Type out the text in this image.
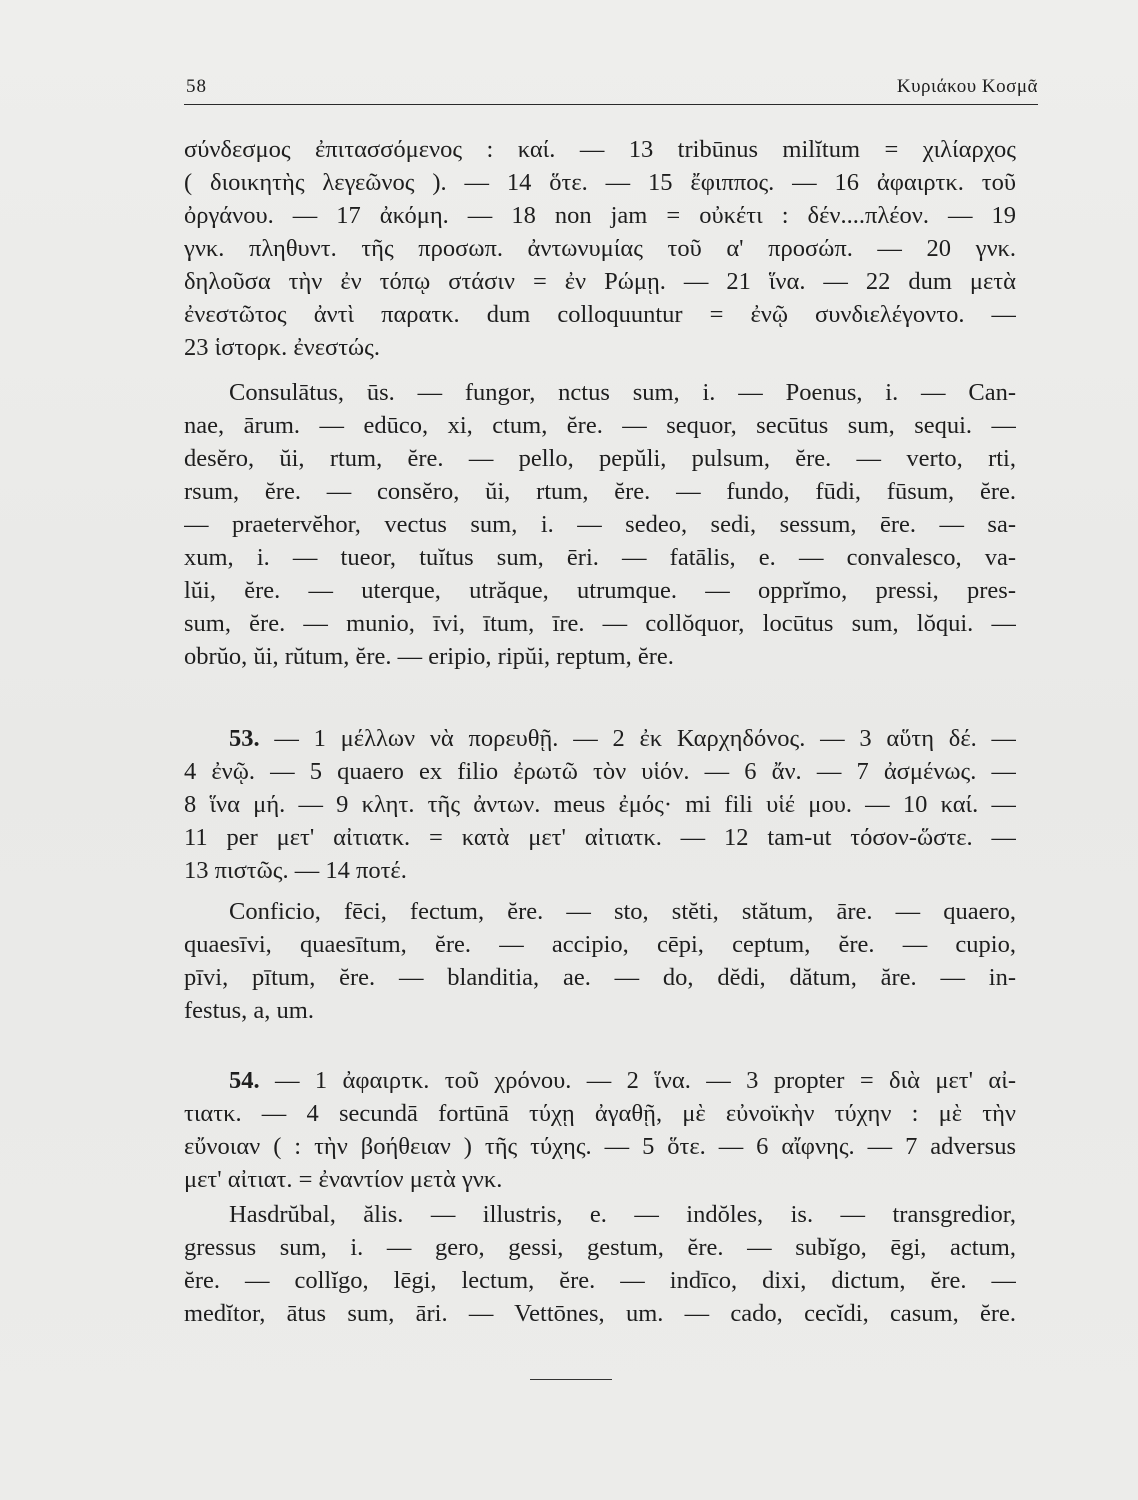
58	Κυριάκου Κοσμᾶ
σύνδεσμος ἐπιτασσόμενος : καί. — 13 tribūnus milĭtum = χιλίαρχος
( διοικητὴς λεγεῶνος ). — 14 ὅτε. — 15 ἔφιππος. — 16 ἀφαιρτκ. τοῦ
ὀργάνου. — 17 ἀκόμη. — 18 non jam = οὐκέτι : δέν....πλέον. — 19
γνκ. πληθυντ. τῆς προσωπ. ἀντωνυμίας τοῦ α' προσώπ. — 20 γνκ.
δηλοῦσα τὴν ἐν τόπῳ στάσιν = ἐν Ρώμῃ. — 21 ἵνα. — 22 dum μετὰ
ἐνεστῶτος ἀντὶ παρατκ. dum colloquuntur = ἐνῷ συνδιελέγοντο. —
23 ἱστορκ. ἐνεστώς.
Consulātus, ūs. — fungor, nctus sum, i. — Poenus, i. — Can-
nae, ārum. — edūco, xi, ctum, ĕre. — sequor, secūtus sum, sequi. —
desĕro, ŭi, rtum, ĕre. — pello, pepŭli, pulsum, ĕre. — verto, rti,
rsum, ĕre. — consĕro, ŭi, rtum, ĕre. — fundo, fūdi, fūsum, ĕre.
— praetervĕhor, vectus sum, i. — sedeo, sedi, sessum, ēre. — sa-
xum, i. — tueor, tuĭtus sum, ēri. — fatālis, e. — convalesco, va-
lŭi, ĕre. — uterque, utrăque, utrumque. — opprĭmo, pressi, pres-
sum, ĕre. — munio, īvi, ītum, īre. — collŏquor, locūtus sum, lŏqui. —
obrŭo, ŭi, rŭtum, ĕre. — eripio, ripŭi, reptum, ĕre.
53. — 1 μέλλων νὰ πορευθῇ. — 2 ἐκ Καρχηδόνος. — 3 αὕτη δέ. —
4 ἐνῷ. — 5 quaero ex filio ἐρωτῶ τὸν υἱόν. — 6 ἄν. — 7 ἀσμένως. —
8 ἵνα μή. — 9 κλητ. τῆς ἀντων. meus ἐμός· mi fili υἱέ μου. — 10 καί. —
11 per μετ' αἰτιατκ. = κατὰ μετ' αἰτιατκ. — 12 tam-ut τόσον-ὥστε. —
13 πιστῶς. — 14 ποτέ.
Conficio, fēci, fectum, ĕre. — sto, stĕti, stătum, āre. — quaero,
quaesīvi, quaesītum, ĕre. — accipio, cēpi, ceptum, ĕre. — cupio,
pīvi, pītum, ĕre. — blanditia, ae. — do, dĕdi, dătum, ăre. — in-
festus, a, um.
54. — 1 ἀφαιρτκ. τοῦ χρόνου. — 2 ἵνα. — 3 propter = διὰ μετ' αἰ-
τιατκ. — 4 secundā fortūnā τύχῃ ἀγαθῇ, μὲ εὐνοϊκὴν τύχην : μὲ τὴν
εὔνοιαν ( : τὴν βοήθειαν ) τῆς τύχης. — 5 ὅτε. — 6 αἴφνης. — 7 adversus
μετ' αἰτιατ. = ἐναντίον μετὰ γνκ.
Hasdrŭbal, ălis. — illustris, e. — indŏles, is. — transgredior,
gressus sum, i. — gero, gessi, gestum, ĕre. — subĭgo, ēgi, actum,
ĕre. — collĭgo, lēgi, lectum, ĕre. — indīco, dixi, dictum, ĕre. —
medĭtor, ātus sum, āri. — Vettōnes, um. — cado, cecĭdi, casum, ĕre.
